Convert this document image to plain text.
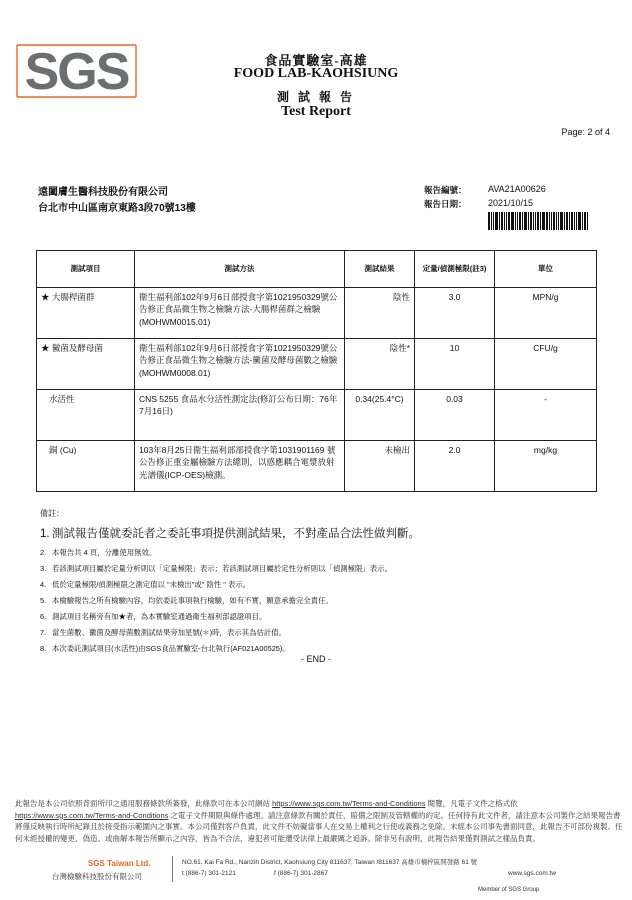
SGS	食品實驗室-高雄
FOOD LAB-KAOHSIUNG
測 試 報 告
Test Report
Page: 2 of 4
遠闔膚生醫科技股份有限公司
台北市中山區南京東路3段70號13樓
報告編號： AVA21A00626
報告日期： 2021/10/15
測試項目	測試方法	測試結果	定量/偵測極限(註3)	單位
★ 大腸桿菌群	衛生福利部102年9月6日部授食字第1021950329號公告修正食品微生物之檢驗方法-大腸桿菌群之檢驗(MOHWM0015.01)	陰性	3.0	MPN/g
★ 黴菌及酵母菌	衛生福利部102年9月6日部授食字第1021950329號公告修正食品微生物之檢驗方法-黴菌及酵母菌數之檢驗(MOHWM0008.01)	陰性*	10	CFU/g
水活性	CNS 5255 食品水分活性測定法(修訂公布日期：76年7月16日)	0.34(25.4°C)	0.03	-
銅 (Cu)	103年8月25日衛生福利部部授食字第1031901169 號公告修正重金屬檢驗方法總則，以感應耦合電漿放射光譜儀(ICP-OES)檢測。	未檢出	2.0	mg/kg
備註：
1. 測試報告僅就委託者之委託事項提供測試結果，不對產品合法性做判斷。
2. 本報告共 4 頁，分離使用無效。
3. 若該測試項目屬於定量分析則以「定量極限」表示；若該測試項目屬於定性分析則以「偵測極限」表示。
4. 低於定量極限/偵測極限之測定值以 "未檢出"或" 陰性 " 表示。
5. 本檢驗報告之所有檢驗內容，均依委託事項執行檢驗，如有不實，願意承擔完全責任。
6. 測試項目名稱旁有加★者，為本實驗室通過衛生福利部認證項目。
7. 當生菌數、黴菌及酵母菌數測試結果旁加星號(＊)時，表示其為估計值。
8. 本次委託測試項目(水活性)由SGS食品實驗室-台北執行(AF021A00525)。
- END -
此報告是本公司依照背面所印之通用服務條款所簽發，此條款可在本公司網站 https://www.sgs.com.tw/Terms-and-Conditions 閱覽，凡電子文件之格式依
https://www.sgs.com.tw/Terms-and-Conditions 之電子文件期限與條件處理。請注意條款有關於責任、賠償之限制及管轄權的約定。任何持有此文件者，請注意本公司製作之結果報告書將僅反映執行時所紀錄且於接受指示範圍內之事實。本公司僅對客戶負責，此文件不妨礙當事人在交易上權利之行使或義務之免除。未經本公司事先書面同意，此報告不可部份複製。任何未經授權的變更、偽造、或曲解本報告所顯示之內容，皆為不合法，違犯者可能遭受法律上最嚴厲之追訴。除非另有說明，此報告結果僅對測試之樣品負責。
SGS Taiwan Ltd.
台灣檢驗科技股份有限公司
NO.61, Kai Fa Rd., Nanzih District, Kaohsiung City 811637, Taiwan /811637 高雄市楠梓區開發路 61 號
t (886-7) 301-2121	f (886-7) 301-2867	www.sgs.com.tw
Member of SGS Group
